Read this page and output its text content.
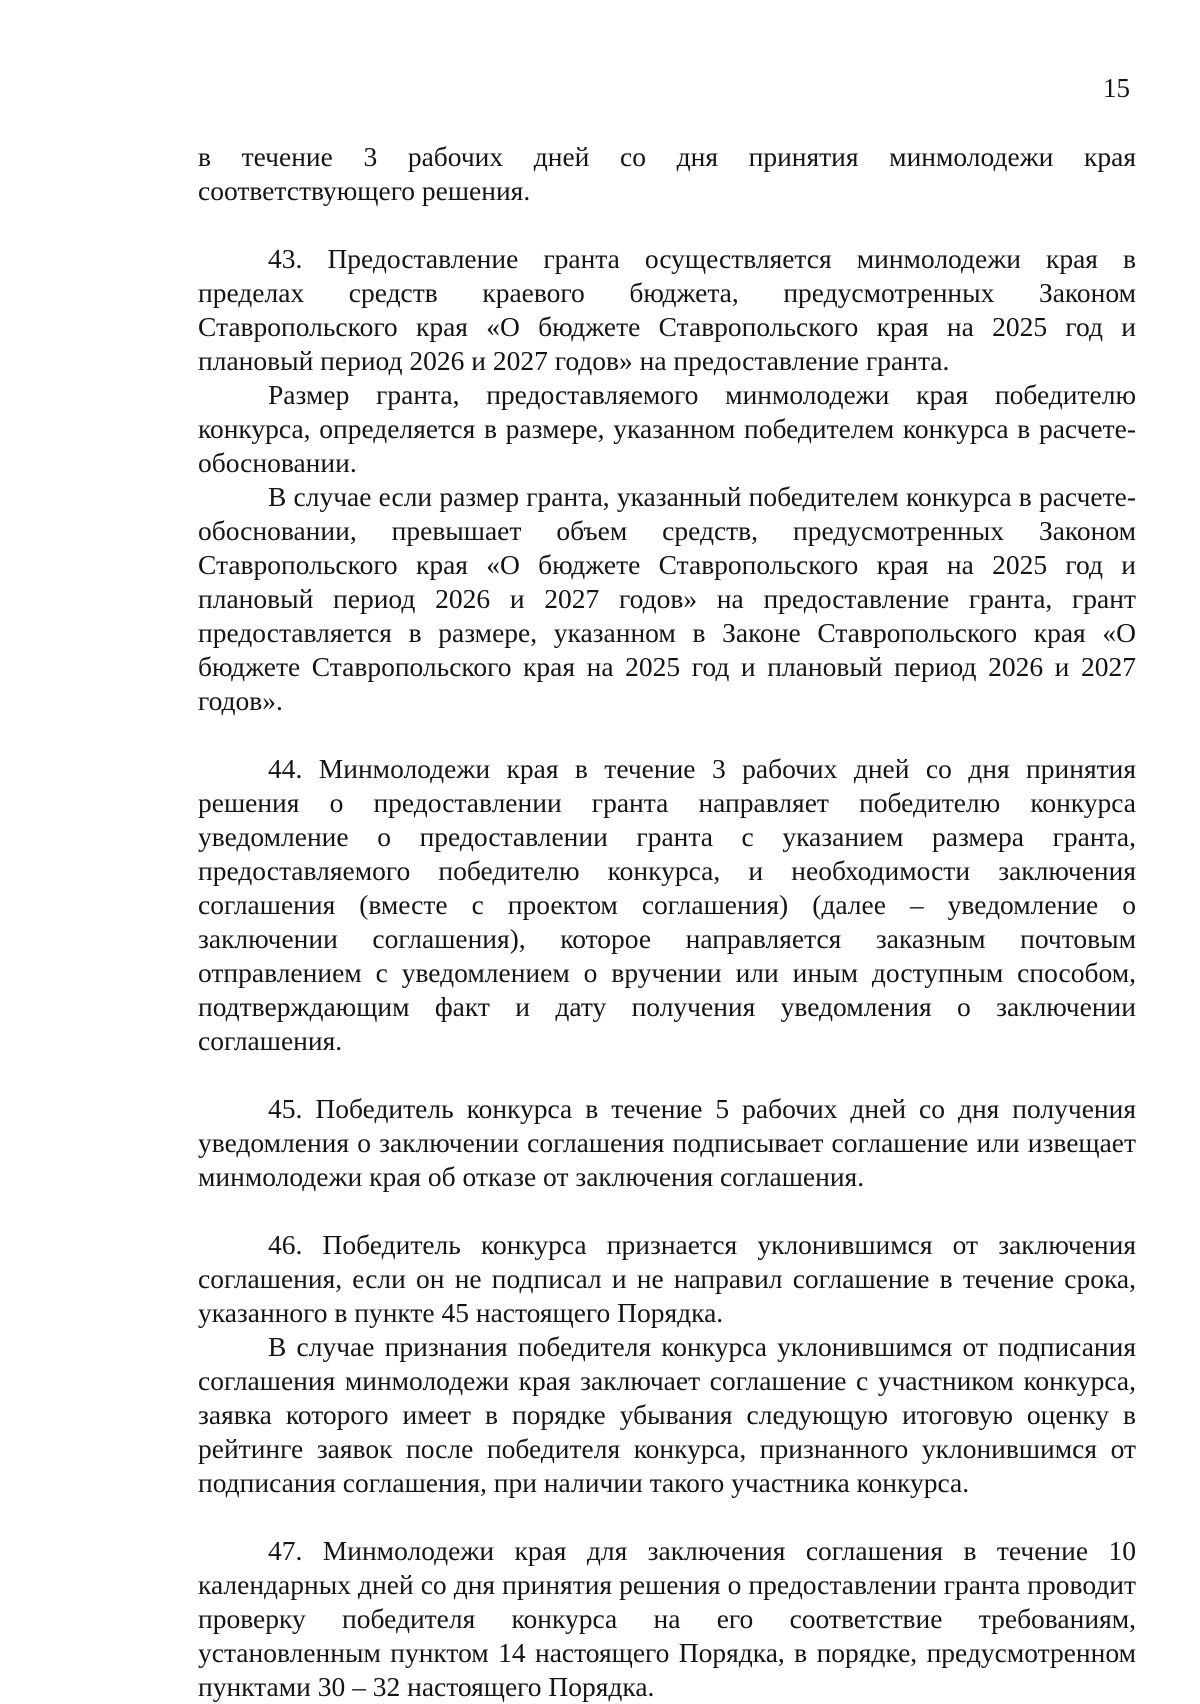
15

в течение 3 рабочих дней со дня принятия минмолодежи края соответствующего решения.

43. Предоставление гранта осуществляется минмолодежи края в пределах средств краевого бюджета, предусмотренных Законом Ставропольского края «О бюджете Ставропольского края на 2025 год и плановый период 2026 и 2027 годов» на предоставление гранта.

Размер гранта, предоставляемого минмолодежи края победителю конкурса, определяется в размере, указанном победителем конкурса в расчете-обосновании.

В случае если размер гранта, указанный победителем конкурса в расчете-обосновании, превышает объем средств, предусмотренных Законом Ставропольского края «О бюджете Ставропольского края на 2025 год и плановый период 2026 и 2027 годов» на предоставление гранта, грант предоставляется в размере, указанном в Законе Ставропольского края «О бюджете Ставропольского края на 2025 год и плановый период 2026 и 2027 годов».

44. Минмолодежи края в течение 3 рабочих дней со дня принятия решения о предоставлении гранта направляет победителю конкурса уведомление о предоставлении гранта с указанием размера гранта, предоставляемого победителю конкурса, и необходимости заключения соглашения (вместе с проектом соглашения) (далее – уведомление о заключении соглашения), которое направляется заказным почтовым отправлением с уведомлением о вручении или иным доступным способом, подтверждающим факт и дату получения уведомления о заключении соглашения.

45. Победитель конкурса в течение 5 рабочих дней со дня получения уведомления о заключении соглашения подписывает соглашение или извещает минмолодежи края об отказе от заключения соглашения.

46. Победитель конкурса признается уклонившимся от заключения соглашения, если он не подписал и не направил соглашение в течение срока, указанного в пункте 45 настоящего Порядка.

В случае признания победителя конкурса уклонившимся от подписания соглашения минмолодежи края заключает соглашение с участником конкурса, заявка которого имеет в порядке убывания следующую итоговую оценку в рейтинге заявок после победителя конкурса, признанного уклонившимся от подписания соглашения, при наличии такого участника конкурса.

47. Минмолодежи края для заключения соглашения в течение 10 календарных дней со дня принятия решения о предоставлении гранта проводит проверку победителя конкурса на его соответствие требованиям, установленным пунктом 14 настоящего Порядка, в порядке, предусмотренном пунктами 30 – 32 настоящего Порядка.
